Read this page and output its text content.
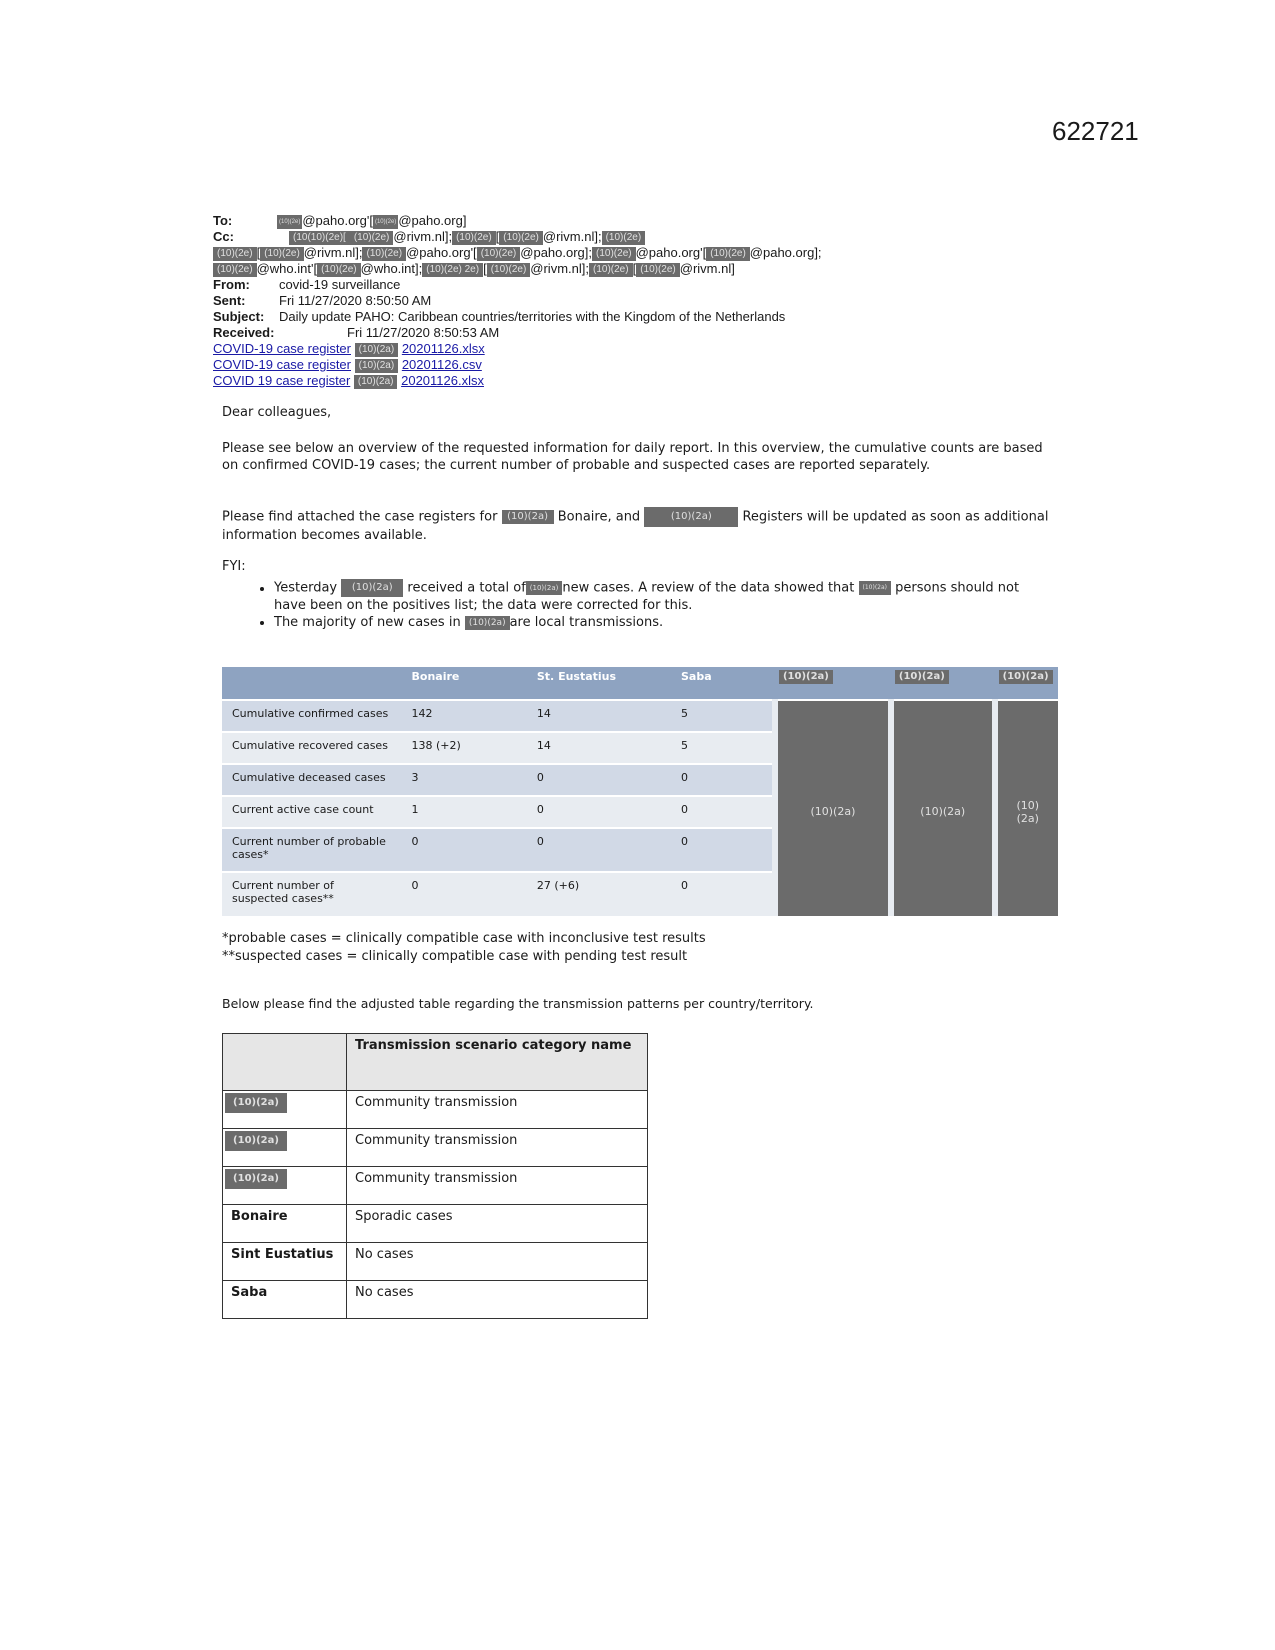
622721
To:	(10)(2e) @paho.org'[ (10)(2e) @paho.org]
Cc:	(10(10)(2e)[ (10)(2e) @rivm.nl]; (10)(2e) [ (10)(2e) @rivm.nl]; (10)(2e)
(10)(2e) [ (10)(2e) @rivm.nl]; (10)(2e) @paho.org'[ (10)(2e) @paho.org]; (10)(2e) @paho.org'[ (10)(2e) @paho.org];
(10)(2e) @who.int'[ (10)(2e) @who.int]; (10)(2e) 2e) [ (10)(2e) @rivm.nl]; (10)(2e) [ (10)(2e) @rivm.nl]
From: covid-19 surveillance
Sent:	Fri 11/27/2020 8:50:50 AM
Subject: Daily update PAHO: Caribbean countries/territories with the Kingdom of the Netherlands
Received:	Fri 11/27/2020 8:50:53 AM
COVID-19 case register (10)(2a) 20201126.xlsx
COVID-19 case register (10)(2a) 20201126.csv
COVID 19 case register (10)(2a) 20201126.xlsx
Dear colleagues,
Please see below an overview of the requested information for daily report. In this overview, the cumulative counts are based on confirmed COVID-19 cases; the current number of probable and suspected cases are reported separately.
Please find attached the case registers for (10)(2a) Bonaire, and	(10)(2a) Registers will be updated as soon as additional information becomes available.

FYI:

• Yesterday (10)(2a) received a total of (10)(2a) new cases. A review of the data showed that (10)(2a) persons should not have been on the positives list; the data were corrected for this.
• The majority of new cases in (10)(2a) are local transmissions.
	Bonaire	St. Eustatius	Saba	(10)(2a)	(10)(2a)	(10)(2a)
Cumulative confirmed cases	142	14	5	(10)(2a)	(10)(2a)	(10)(2a)
Cumulative recovered cases	138 (+2)	14	5			
Cumulative deceased cases	3	0	0			
Current active case count	1	0	0			
Current number of probable cases*	0	0	0			
Current number of suspected cases**	0	27 (+6)	0			
*probable cases = clinically compatible case with inconclusive test results
**suspected cases = clinically compatible case with pending test result
Below please find the adjusted table regarding the transmission patterns per country/territory.
	Transmission scenario category name
(10)(2a)	Community transmission
(10)(2a)	Community transmission
(10)(2a)	Community transmission
Bonaire	Sporadic cases
Sint Eustatius	No cases
Saba	No cases
